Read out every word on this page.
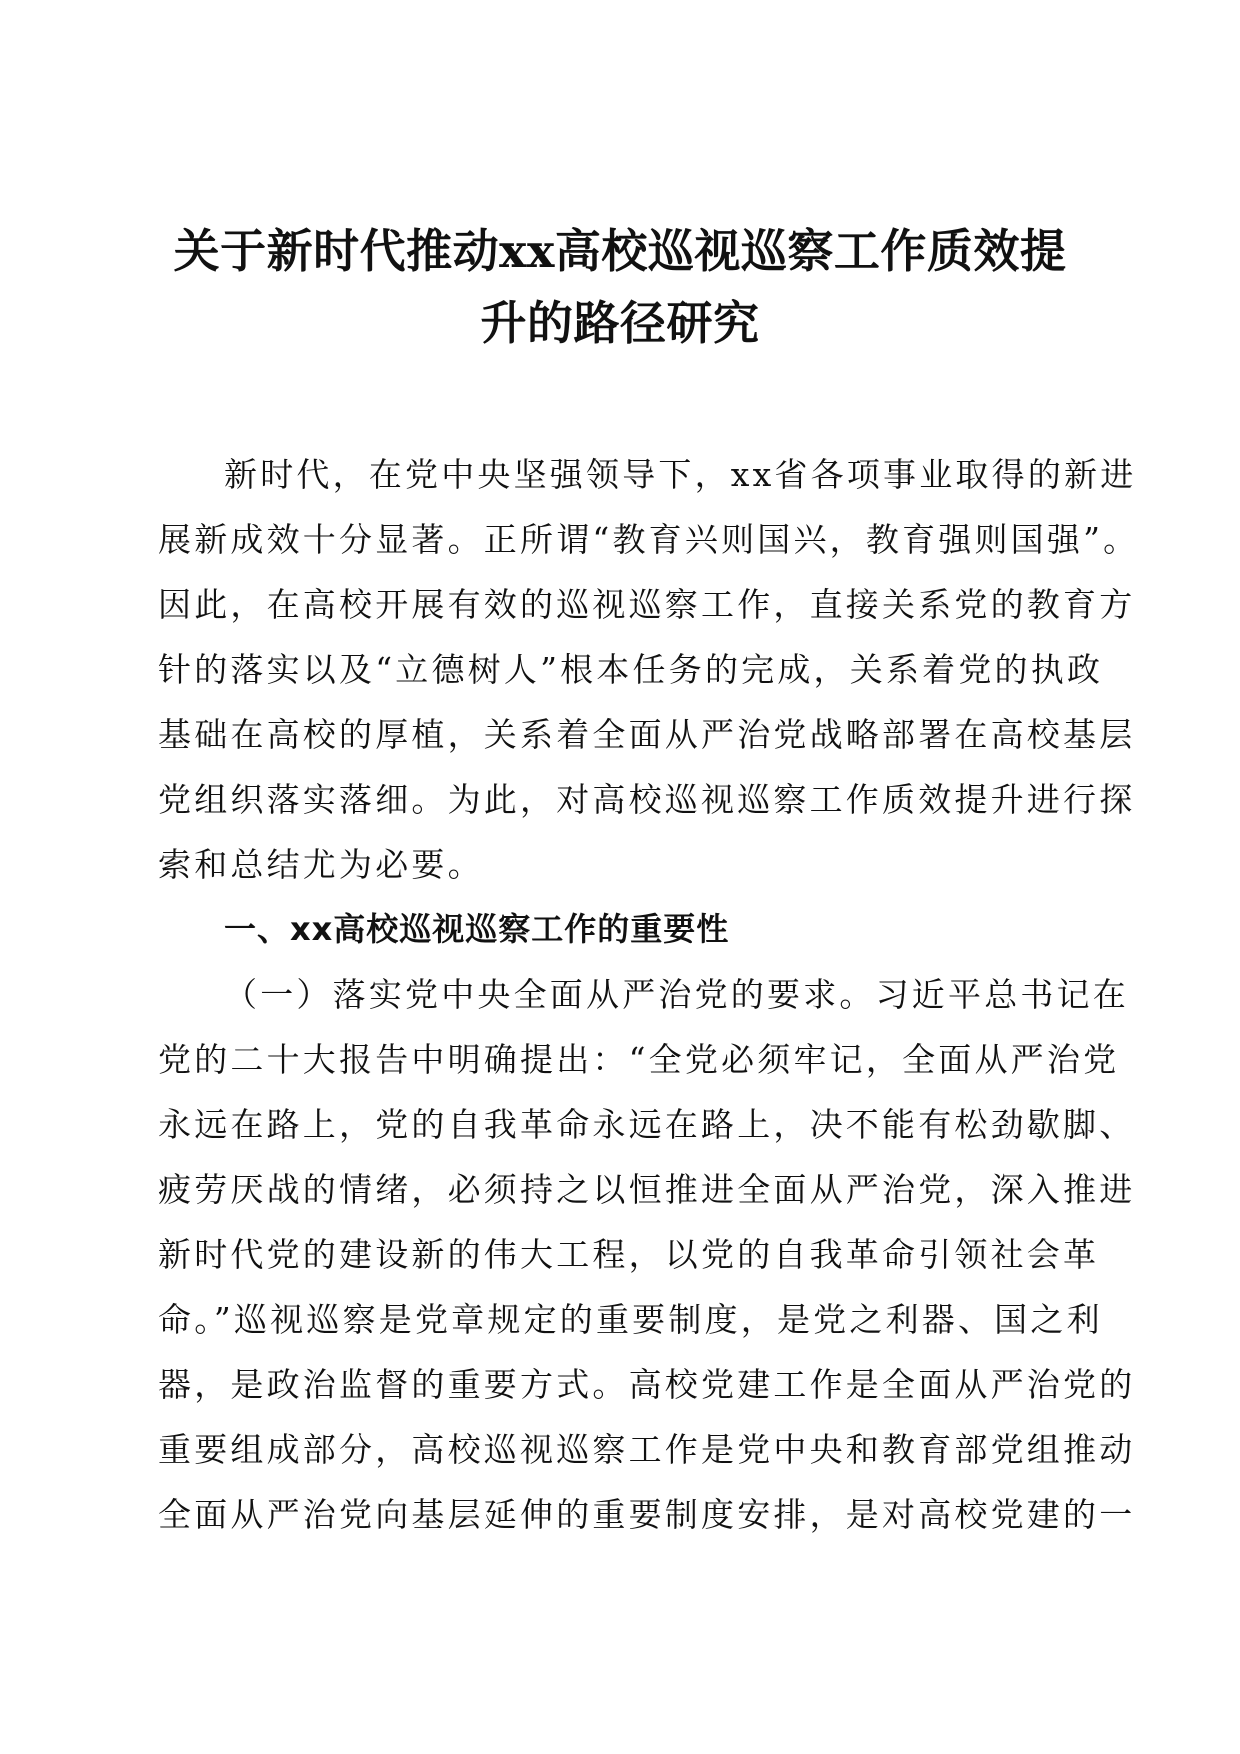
关于新时代推动xx高校巡视巡察工作质效提
升的路径研究
新时代，在党中央坚强领导下，xx省各项事业取得的新进
展新成效十分显著。正所谓“教育兴则国兴，教育强则国强”。
因此，在高校开展有效的巡视巡察工作，直接关系党的教育方
针的落实以及“立德树人”根本任务的完成，关系着党的执政
基础在高校的厚植，关系着全面从严治党战略部署在高校基层
党组织落实落细。为此，对高校巡视巡察工作质效提升进行探
索和总结尤为必要。
一、xx高校巡视巡察工作的重要性
（一）落实党中央全面从严治党的要求。习近平总书记在
党的二十大报告中明确提出：“全党必须牢记，全面从严治党
永远在路上，党的自我革命永远在路上，决不能有松劲歇脚、
疲劳厌战的情绪，必须持之以恒推进全面从严治党，深入推进
新时代党的建设新的伟大工程，以党的自我革命引领社会革
命。”巡视巡察是党章规定的重要制度，是党之利器、国之利
器，是政治监督的重要方式。高校党建工作是全面从严治党的
重要组成部分，高校巡视巡察工作是党中央和教育部党组推动
全面从严治党向基层延伸的重要制度安排，是对高校党建的一
